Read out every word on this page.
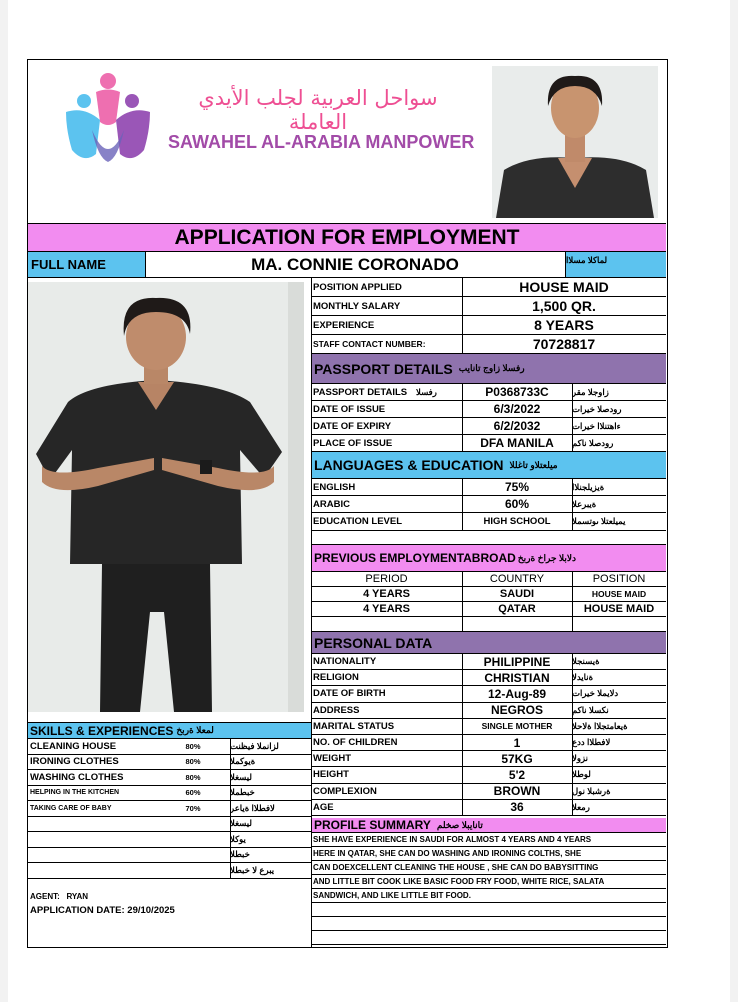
سواحل العربية لجلب الأيدي العاملة
SAWAHEL AL-ARABIA MANPOWER
APPLICATION FOR EMPLOYMENT
FULL NAME	MA. CONNIE CORONADO	لماكلا مسلاا
POSITION APPLIED	HOUSE MAID
MONTHLY SALARY	1,500 QR.
EXPERIENCE	8 YEARS
STAFF CONTACT NUMBER:	70728817
PASSPORT DETAILS رفسلا زاوج تانايب
PASSPORT DETAILS	رفسلا	P0368733C	زاوجلا مقر
DATE OF ISSUE	6/3/2022	رودصلا خيرات
DATE OF EXPIRY	6/2/2032	ءاهتنلاا خيرات
PLACE OF ISSUE	DFA MANILA	رودصلا ناكم
LANGUAGES & EDUCATION ميلعتلاو تاغللا
ENGLISH	75%	ةيزيلجنلاا
ARABIC	60%	ةيبرعلا
EDUCATION LEVEL	HIGH SCHOOL	يميلعتلا ىوتسملا
PREVIOUS EMPLOYMENTABROAD دلابلا جراخ ةربخ
PERIOD	COUNTRY	POSITION
4 YEARS	SAUDI	HOUSE MAID
4 YEARS	QATAR	HOUSE MAID
PERSONAL DATA
NATIONALITY	PHILIPPINE	ةيسنجلا
RELIGION	CHRISTIAN	ةنايدلا
DATE OF BIRTH	12-Aug-89	دلايملا خيرات
ADDRESS	NEGROS	نكسلا ناكم
MARITAL STATUS	SINGLE MOTHER	ةيعامتجلاا ةلاحلا
NO. OF CHILDREN	1	لافطلاا ددع
WEIGHT	57KG	نزولا
HEIGHT	5'2	لوطلا
COMPLEXION	BROWN	ةرشبلا نول
AGE	36	رمعلا
SKILLS & EXPERIENCES لمعلا ةربخ
CLEANING HOUSE	80%	لزانملا فيظنت
IRONING CLOTHES	80%	ةيوكملا
WASHING CLOTHES	80%	ليسغلا
HELPING IN THE KITCHEN	60%	خبطملا
TAKING CARE OF BABY	70%	لافطلاا ةياعر
ليسغلا
يوكلا
خبطلا
يبرع لا خبطلا
PROFILE SUMMARY تانايبلا صخلم
SHE HAVE EXPERIENCE IN SAUDI FOR ALMOST 4 YEARS AND 4 YEARS
HERE IN QATAR, SHE CAN DO WASHING AND IRONING COLTHS, SHE
CAN DOEXCELLENT CLEANING THE HOUSE , SHE CAN DO BABYSITTING
AND LITTLE BIT COOK LIKE BASIC FOOD FRY FOOD, WHITE RICE, SALATA
SANDWICH, AND LIKE LITTLE BIT FOOD.
AGENT:   RYAN
APPLICATION DATE: 29/10/2025
